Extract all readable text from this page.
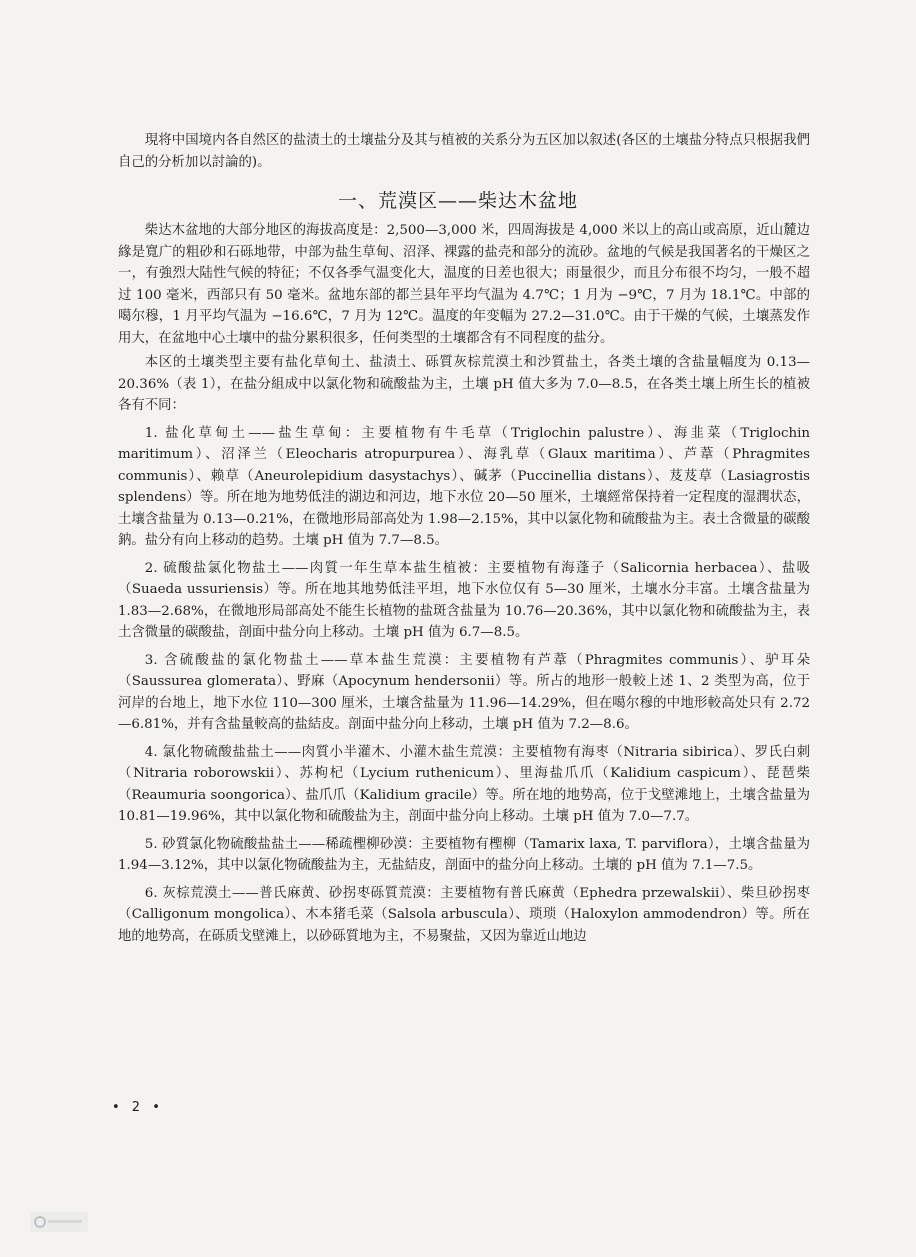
現将中国境内各自然区的盐渍土的土壤盐分及其与植被的关系分为五区加以叙述(各区的土壤盐分特点只根据我們自己的分析加以討論的)。

一、荒漠区——柴达木盆地

柴达木盆地的大部分地区的海拔高度是：2,500—3,000 米，四周海拔是 4,000 米以上的高山或高原，近山麓边緣是寬广的粗砂和石砾地带，中部为盐生草甸、沼泽、裸露的盐壳和部分的流砂。盆地的气候是我国著名的干燥区之一，有強烈大陆性气候的特征；不仅各季气温变化大，温度的日差也很大；雨量很少，而且分布很不均匀，一般不超过 100 毫米，西部只有 50 毫米。盆地东部的都兰县年平均气温为 4.7℃；1 月为 −9℃，7 月为 18.1℃。中部的噶尔穆，1 月平均气温为 −16.6℃，7 月为 12℃。温度的年变幅为 27.2—31.0℃。由于干燥的气候，土壤蒸发作用大，在盆地中心土壤中的盐分累积很多，任何类型的土壤都含有不同程度的盐分。

本区的土壤类型主要有盐化草甸土、盐渍土、砾質灰棕荒漠土和沙質盐土，各类土壤的含盐量幅度为 0.13—20.36%（表 1），在盐分組成中以氯化物和硫酸盐为主，土壤 pH 值大多为 7.0—8.5，在各类土壤上所生长的植被各有不同：

1. 盐化草甸土——盐生草甸：主要植物有牛毛草（Triglochin palustre）、海韭菜（Triglochin maritimum）、沼泽兰（Eleocharis atropurpurea）、海乳草（Glaux maritima）、芦葦（Phragmites communis）、赖草（Aneurolepidium dasystachys）、碱茅（Puccinellia distans）、芨芨草（Lasiagrostis splendens）等。所在地为地势低洼的湖边和河边，地下水位 20—50 厘米，土壤經常保持着一定程度的湿潤状态，土壤含盐量为 0.13—0.21%，在微地形局部高处为 1.98—2.15%，其中以氯化物和硫酸盐为主。表土含微量的碳酸鈉。盐分有向上移动的趋势。土壤 pH 值为 7.7—8.5。

2. 硫酸盐氯化物盐土——肉質一年生草本盐生植被：主要植物有海蓬子（Salicornia herbacea）、盐吸（Suaeda ussuriensis）等。所在地其地势低洼平坦，地下水位仅有 5—30 厘米，土壤水分丰富。土壤含盐量为 1.83—2.68%，在微地形局部高处不能生长植物的盐斑含盐量为 10.76—20.36%，其中以氯化物和硫酸盐为主，表土含微量的碳酸盐，剖面中盐分向上移动。土壤 pH 值为 6.7—8.5。

3. 含硫酸盐的氯化物盐土——草本盐生荒漠：主要植物有芦葦（Phragmites communis）、驴耳朵（Saussurea glomerata）、野麻（Apocynum hendersonii）等。所占的地形一般較上述 1、2 类型为高，位于河岸的台地上，地下水位 110—300 厘米，土壤含盐量为 11.96—14.29%，但在噶尔穆的中地形較高处只有 2.72—6.81%，并有含盐量較高的盐結皮。剖面中盐分向上移动，土壤 pH 值为 7.2—8.6。

4. 氯化物硫酸盐盐土——肉質小半灌木、小灌木盐生荒漠：主要植物有海枣（Nitraria sibirica）、罗氏白刺（Nitraria roborowskii）、苏枸杞（Lycium ruthenicum）、里海盐爪爪（Kalidium caspicum）、琵琶柴（Reaumuria soongorica）、盐爪爪（Kalidium gracile）等。所在地的地势高，位于戈壁滩地上，土壤含盐量为 10.81—19.96%，其中以氯化物和硫酸盐为主，剖面中盐分向上移动。土壤 pH 值为 7.0—7.7。

5. 砂質氯化物硫酸盐盐土——稀疏檉柳砂漠：主要植物有檉柳（Tamarix laxa, T. parviflora），土壤含盐量为 1.94—3.12%，其中以氯化物硫酸盐为主，无盐結皮，剖面中的盐分向上移动。土壤的 pH 值为 7.1—7.5。

6. 灰棕荒漠土——普氏麻黄、砂拐枣砾質荒漠：主要植物有普氏麻黄（Ephedra przewalskii）、柴旦砂拐枣（Calligonum mongolica）、木本猪毛菜（Salsola arbuscula）、琐琐（Haloxylon ammodendron）等。所在地的地势高，在砾质戈壁滩上，以砂砾質地为主，不易聚盐，又因为靠近山地边

• 2 •
